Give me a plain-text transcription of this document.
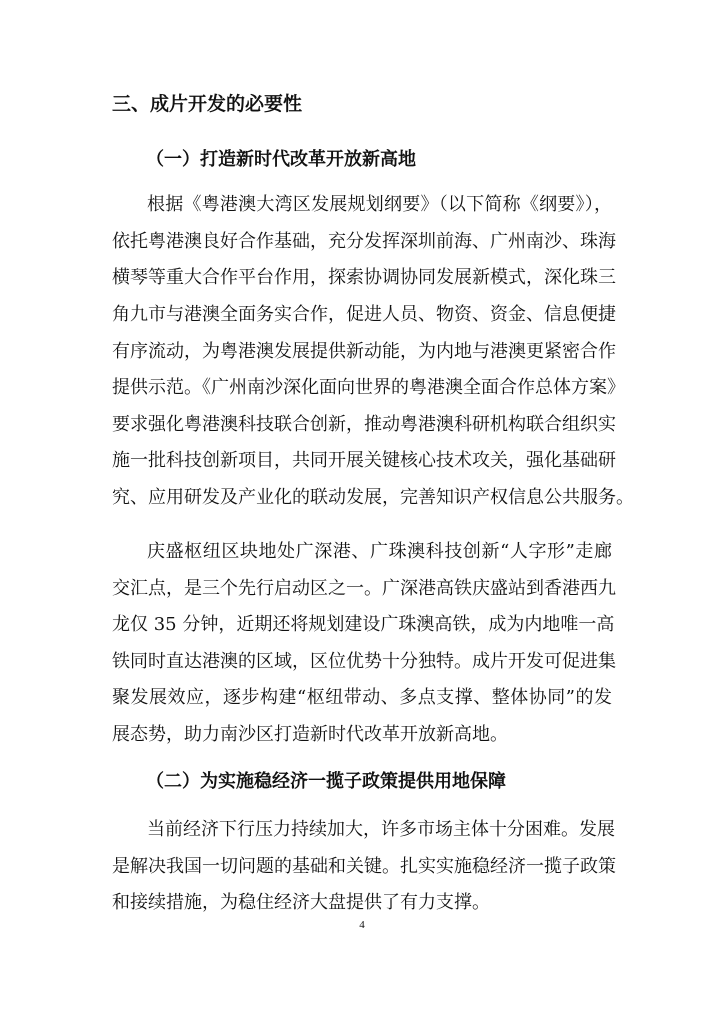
三、成片开发的必要性
（一）打造新时代改革开放新高地
根据《粤港澳大湾区发展规划纲要》（以下简称《纲要》），
依托粤港澳良好合作基础，充分发挥深圳前海、广州南沙、珠海
横琴等重大合作平台作用，探索协调协同发展新模式，深化珠三
角九市与港澳全面务实合作，促进人员、物资、资金、信息便捷
有序流动，为粤港澳发展提供新动能，为内地与港澳更紧密合作
提供示范。《广州南沙深化面向世界的粤港澳全面合作总体方案》
要求强化粤港澳科技联合创新，推动粤港澳科研机构联合组织实
施一批科技创新项目，共同开展关键核心技术攻关，强化基础研
究、应用研发及产业化的联动发展，完善知识产权信息公共服务。
庆盛枢纽区块地处广深港、广珠澳科技创新“人字形”走廊
交汇点，是三个先行启动区之一。广深港高铁庆盛站到香港西九
龙仅 35 分钟，近期还将规划建设广珠澳高铁，成为内地唯一高
铁同时直达港澳的区域，区位优势十分独特。成片开发可促进集
聚发展效应，逐步构建“枢纽带动、多点支撑、整体协同”的发
展态势，助力南沙区打造新时代改革开放新高地。
（二）为实施稳经济一揽子政策提供用地保障
当前经济下行压力持续加大，许多市场主体十分困难。发展
是解决我国一切问题的基础和关键。扎实实施稳经济一揽子政策
和接续措施，为稳住经济大盘提供了有力支撑。
4
